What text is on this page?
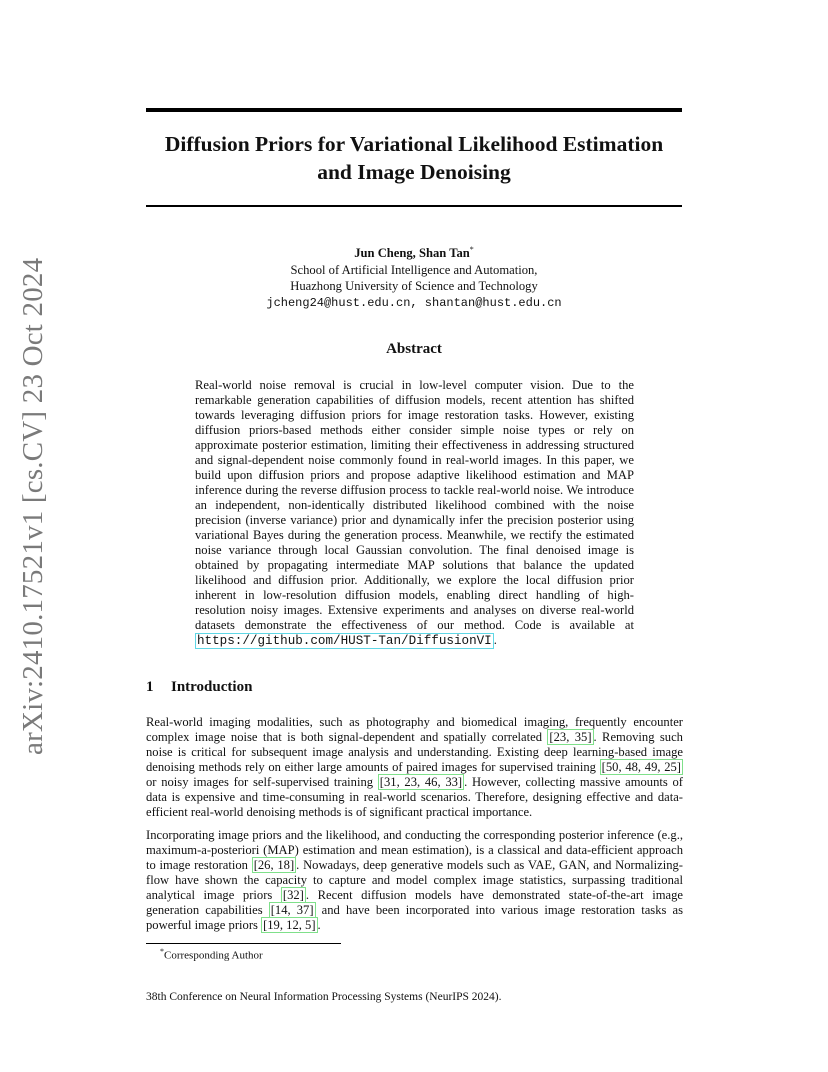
arXiv:2410.17521v1 [cs.CV] 23 Oct 2024
Diffusion Priors for Variational Likelihood Estimation
and Image Denoising
Jun Cheng, Shan Tan*
School of Artificial Intelligence and Automation,
Huazhong University of Science and Technology
jcheng24@hust.edu.cn, shantan@hust.edu.cn
Abstract
Real-world noise removal is crucial in low-level computer vision. Due to the remarkable generation capabilities of diffusion models, recent attention has shifted towards leveraging diffusion priors for image restoration tasks. However, existing diffusion priors-based methods either consider simple noise types or rely on approximate posterior estimation, limiting their effectiveness in addressing structured and signal-dependent noise commonly found in real-world images. In this paper, we build upon diffusion priors and propose adaptive likelihood estimation and MAP inference during the reverse diffusion process to tackle real-world noise. We introduce an independent, non-identically distributed likelihood combined with the noise precision (inverse variance) prior and dynamically infer the precision posterior using variational Bayes during the generation process. Meanwhile, we rectify the estimated noise variance through local Gaussian convolution. The final denoised image is obtained by propagating intermediate MAP solutions that balance the updated likelihood and diffusion prior. Additionally, we explore the local diffusion prior inherent in low-resolution diffusion models, enabling direct handling of high-resolution noisy images. Extensive experiments and analyses on diverse real-world datasets demonstrate the effectiveness of our method. Code is available at https://github.com/HUST-Tan/DiffusionVI .
1 Introduction
Real-world imaging modalities, such as photography and biomedical imaging, frequently encounter complex image noise that is both signal-dependent and spatially correlated [23, 35] . Removing such noise is critical for subsequent image analysis and understanding. Existing deep learning-based image denoising methods rely on either large amounts of paired images for supervised training [50, 48, 49, 25] or noisy images for self-supervised training [31, 23, 46, 33] . However, collecting massive amounts of data is expensive and time-consuming in real-world scenarios. Therefore, designing effective and data-efficient real-world denoising methods is of significant practical importance.
Incorporating image priors and the likelihood, and conducting the corresponding posterior inference (e.g., maximum-a-posteriori (MAP) estimation and mean estimation), is a classical and data-efficient approach to image restoration [26, 18] . Nowadays, deep generative models such as VAE, GAN, and Normalizing-flow have shown the capacity to capture and model complex image statistics, surpassing traditional analytical image priors [32] . Recent diffusion models have demonstrated state-of-the-art image generation capabilities [14, 37] and have been incorporated into various image restoration tasks as powerful image priors [19, 12, 5] .
*Corresponding Author
38th Conference on Neural Information Processing Systems (NeurIPS 2024).
